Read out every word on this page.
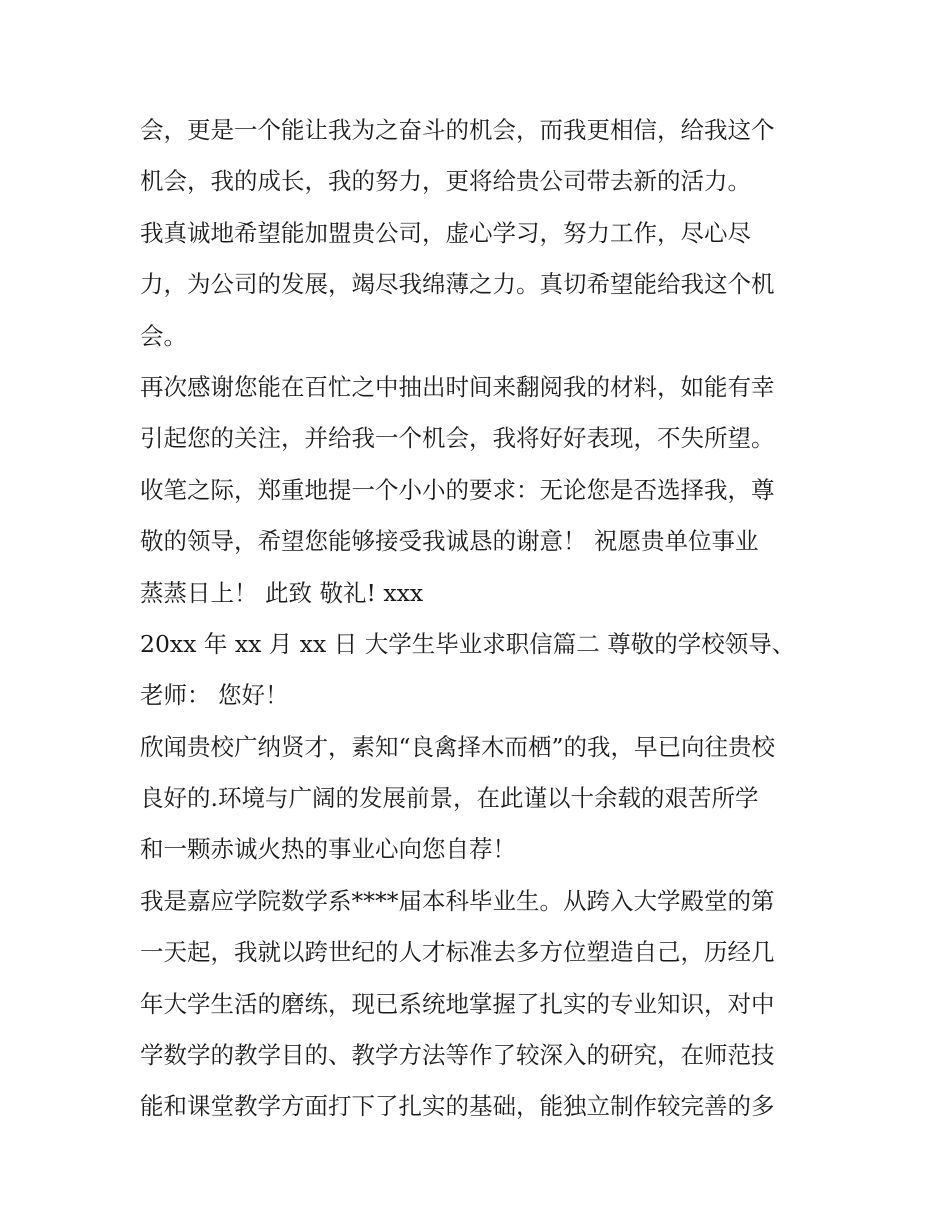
会，更是一个能让我为之奋斗的机会，而我更相信，给我这个
机会，我的成长，我的努力，更将给贵公司带去新的活力。
我真诚地希望能加盟贵公司，虚心学习，努力工作，尽心尽
力，为公司的发展，竭尽我绵薄之力。真切希望能给我这个机
会。
再次感谢您能在百忙之中抽出时间来翻阅我的材料，如能有幸
引起您的关注，并给我一个机会，我将好好表现，不失所望。
收笔之际，郑重地提一个小小的要求：无论您是否选择我，尊
敬的领导，希望您能够接受我诚恳的谢意！ 祝愿贵单位事业
蒸蒸日上！ 此致 敬礼! xxx
20xx 年 xx 月 xx 日 大学生毕业求职信篇二 尊敬的学校领导、
老师： 您好！
欣闻贵校广纳贤才，素知“良禽择木而栖”的我，早已向往贵校
良好的.环境与广阔的发展前景，在此谨以十余载的艰苦所学
和一颗赤诚火热的事业心向您自荐！
我是嘉应学院数学系****届本科毕业生。从跨入大学殿堂的第
一天起，我就以跨世纪的人才标准去多方位塑造自己，历经几
年大学生活的磨练，现已系统地掌握了扎实的专业知识，对中
学数学的教学目的、教学方法等作了较深入的研究，在师范技
能和课堂教学方面打下了扎实的基础，能独立制作较完善的多
